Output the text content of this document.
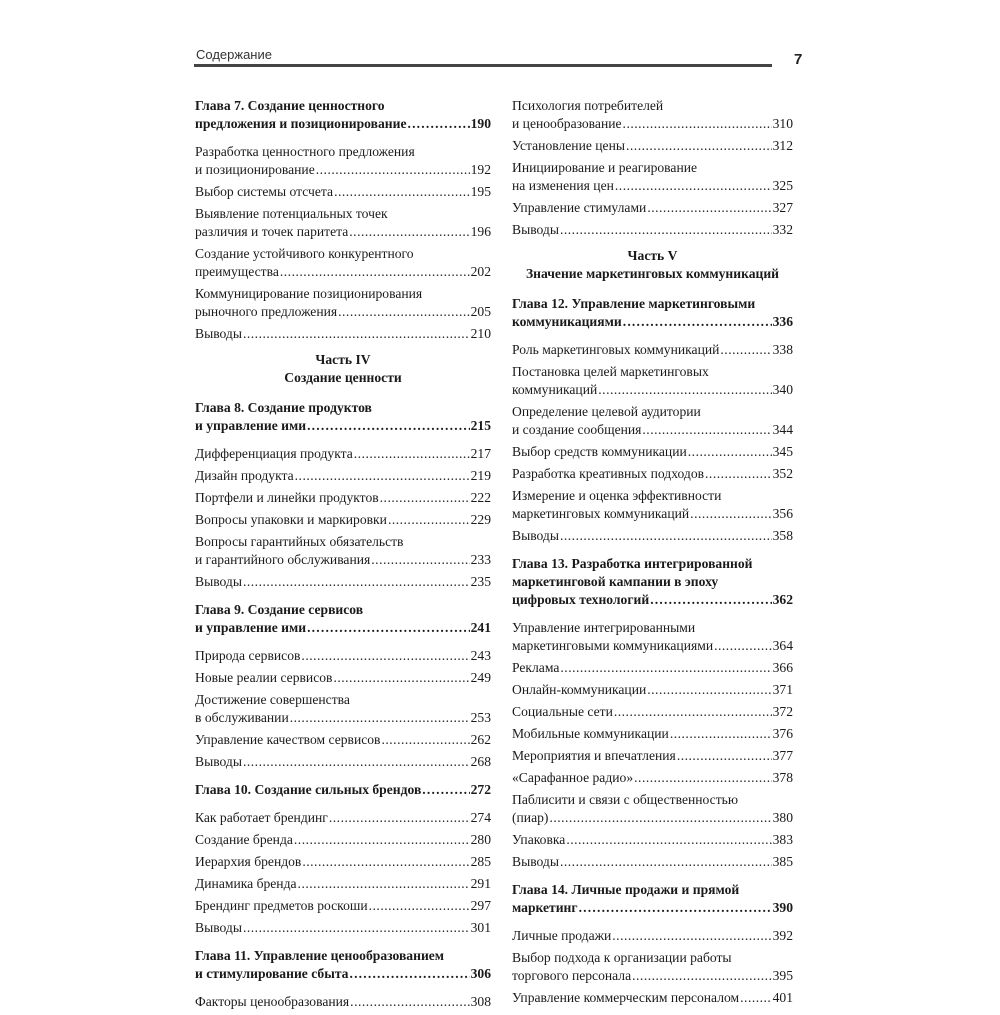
Содержание	7
Глава 7. Создание ценностного
предложения и позиционирование .....	190
Разработка ценностного предложения
и позиционирование .....	192
Выбор системы отсчета .....	195
Выявление потенциальных точек
различия и точек паритета .....	196
Создание устойчивого конкурентного
преимущества .....	202
Коммуницирование позиционирования
рыночного предложения .....	205
Выводы .....	210
Часть IV
Создание ценности
Глава 8. Создание продуктов
и управление ими .....	215
Дифференциация продукта .....	217
Дизайн продукта .....	219
Портфели и линейки продуктов .....	222
Вопросы упаковки и маркировки .....	229
Вопросы гарантийных обязательств
и гарантийного обслуживания .....	233
Выводы .....	235
Глава 9. Создание сервисов
и управление ими .....	241
Природа сервисов .....	243
Новые реалии сервисов .....	249
Достижение совершенства
в обслуживании .....	253
Управление качеством сервисов .....	262
Выводы .....	268
Глава 10. Создание сильных брендов .....	272
Как работает брендинг .....	274
Создание бренда .....	280
Иерархия брендов .....	285
Динамика бренда .....	291
Брендинг предметов роскоши .....	297
Выводы .....	301
Глава 11. Управление ценообразованием
и стимулирование сбыта .....	306
Факторы ценообразования .....	308
Психология потребителей
и ценообразование .....	310
Установление цены .....	312
Инициирование и реагирование
на изменения цен .....	325
Управление стимулами .....	327
Выводы .....	332
Часть V
Значение маркетинговых коммуникаций
Глава 12. Управление маркетинговыми
коммуникациями .....	336
Роль маркетинговых коммуникаций .....	338
Постановка целей маркетинговых
коммуникаций .....	340
Определение целевой аудитории
и создание сообщения .....	344
Выбор средств коммуникации .....	345
Разработка креативных подходов .....	352
Измерение и оценка эффективности
маркетинговых коммуникаций .....	356
Выводы .....	358
Глава 13. Разработка интегрированной
маркетинговой кампании в эпоху
цифровых технологий .....	362
Управление интегрированными
маркетинговыми коммуникациями .....	364
Реклама .....	366
Онлайн-коммуникации .....	371
Социальные сети .....	372
Мобильные коммуникации .....	376
Мероприятия и впечатления .....	377
«Сарафанное радио» .....	378
Паблисити и связи с общественностью
(пиар) .....	380
Упаковка .....	383
Выводы .....	385
Глава 14. Личные продажи и прямой
маркетинг .....	390
Личные продажи .....	392
Выбор подхода к организации работы
торгового персонала .....	395
Управление коммерческим персоналом ..... 401
